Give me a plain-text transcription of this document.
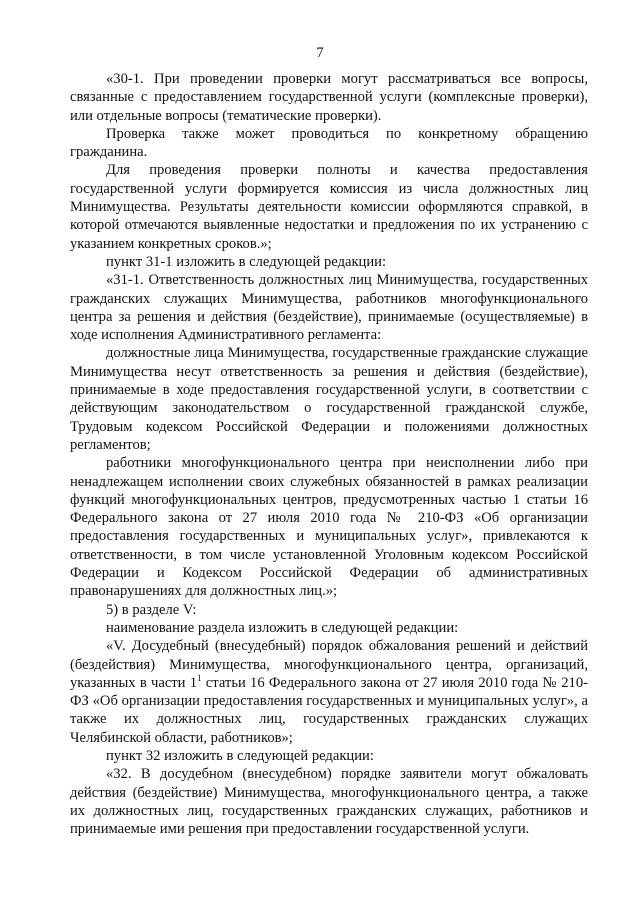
7

«30-1. При проведении проверки могут рассматриваться все вопросы, связанные с предоставлением государственной услуги (комплексные проверки), или отдельные вопросы (тематические проверки).

Проверка также может проводиться по конкретному обращению гражданина.

Для проведения проверки полноты и качества предоставления государственной услуги формируется комиссия из числа должностных лиц Минимущества. Результаты деятельности комиссии оформляются справкой, в которой отмечаются выявленные недостатки и предложения по их устранению с указанием конкретных сроков.»;

пункт 31-1 изложить в следующей редакции:

«31-1. Ответственность должностных лиц Минимущества, государственных гражданских служащих Минимущества, работников многофункционального центра за решения и действия (бездействие), принимаемые (осуществляемые) в ходе исполнения Административного регламента:

должностные лица Минимущества, государственные гражданские служащие Минимущества несут ответственность за решения и действия (бездействие), принимаемые в ходе предоставления государственной услуги, в соответствии с действующим законодательством о государственной гражданской службе, Трудовым кодексом Российской Федерации и положениями должностных регламентов;

работники многофункционального центра при неисполнении либо при ненадлежащем исполнении своих служебных обязанностей в рамках реализации функций многофункциональных центров, предусмотренных частью 1 статьи 16 Федерального закона от 27 июля 2010 года № 210-ФЗ «Об организации предоставления государственных и муниципальных услуг», привлекаются к ответственности, в том числе установленной Уголовным кодексом Российской Федерации и Кодексом Российской Федерации об административных правонарушениях для должностных лиц.»;

5) в разделе V:

наименование раздела изложить в следующей редакции:

«V. Досудебный (внесудебный) порядок обжалования решений и действий (бездействия) Минимущества, многофункционального центра, организаций, указанных в части $1^1$ статьи 16 Федерального закона от 27 июля 2010 года № 210-ФЗ «Об организации предоставления государственных и муниципальных услуг», а также их должностных лиц, государственных гражданских служащих Челябинской области, работников»;

пункт 32 изложить в следующей редакции:

«32. В досудебном (внесудебном) порядке заявители могут обжаловать действия (бездействие) Минимущества, многофункционального центра, а также их должностных лиц, государственных гражданских служащих, работников и принимаемые ими решения при предоставлении государственной услуги.
